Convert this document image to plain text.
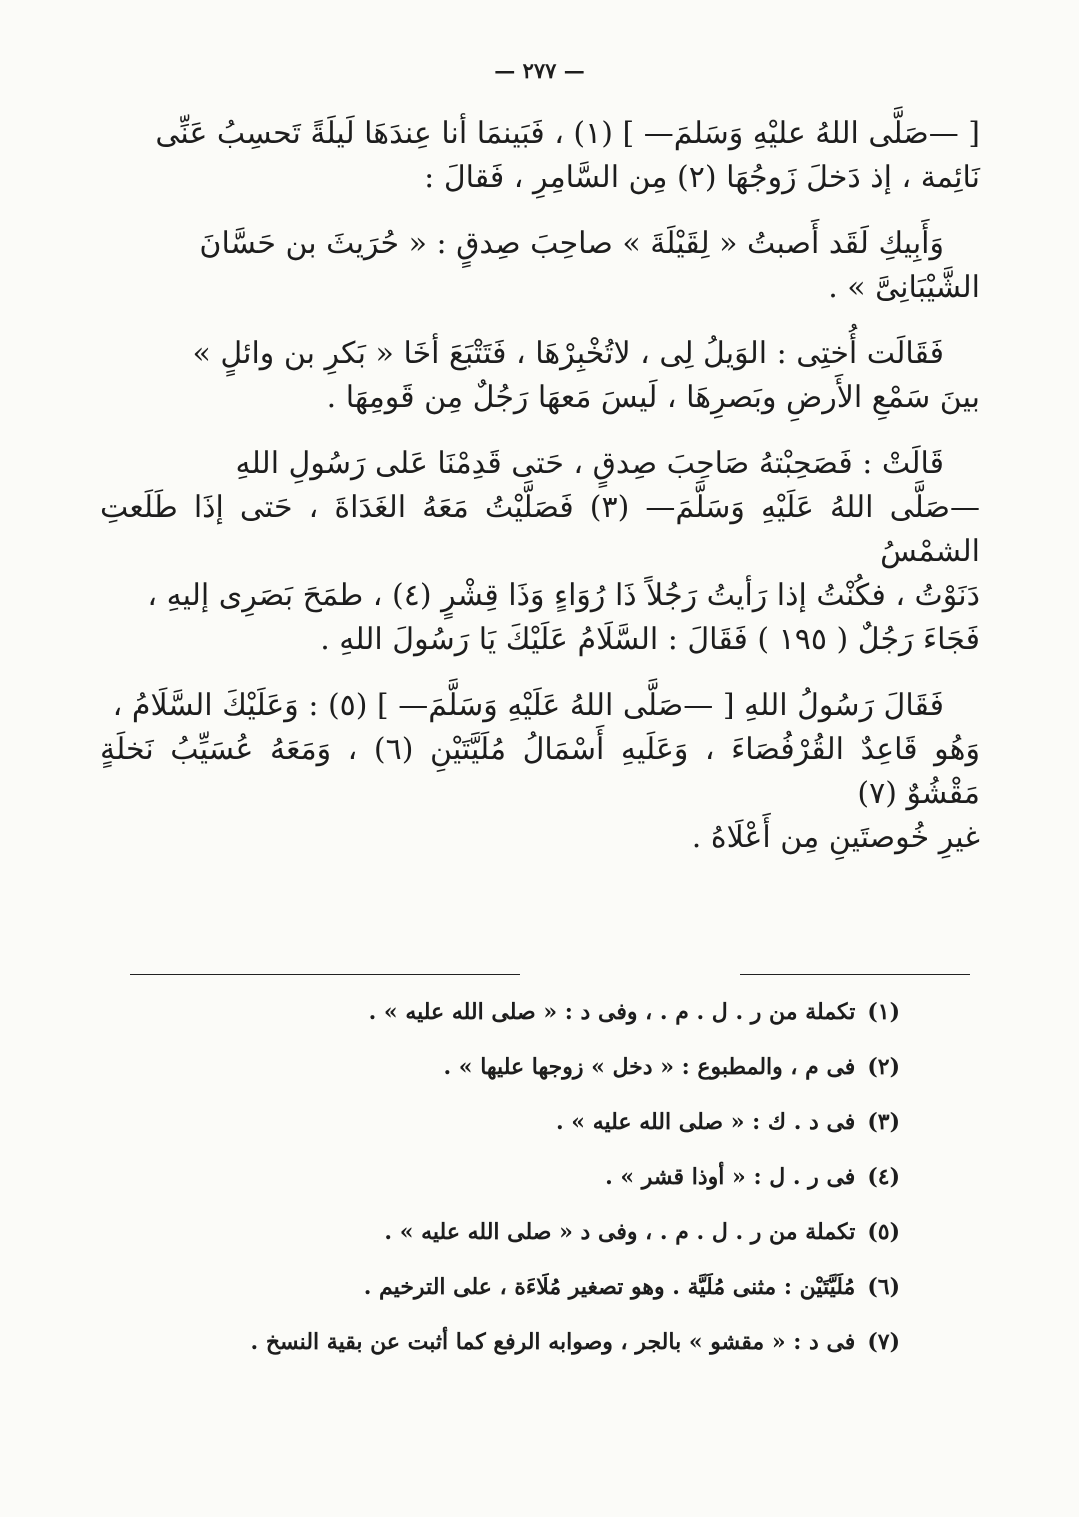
— ٢٧٧ —

[ —صَلَّى اللهُ عليْهِ وَسَلمَ— ] (١) ، فَبَينمَا أنا عِندَهَا لَيلَةً تَحسِبُ عَنِّى

نَائِمة ، إذ دَخلَ زَوجُهَا (٢) مِن السَّامِرِ ، فَقالَ :

وَأَبِيكِ لَقَد أَصبتُ « لِقَيْلَةَ » صاحِبَ صِدقٍ : « حُرَيثَ بن حَسَّانَ

الشَّيْبَانِىَّ » .

فَقَالَت أُختِى : الوَيلُ لِى ، لاتُخْبِرْهَا ، فَتَتْبَعَ أخَا « بَكرِ بن وائلٍ »

بينَ سَمْعِ الأَرضِ وبَصرِهَا ، لَيسَ مَعهَا رَجُلٌ مِن قَومِهَا .

قَالَتْ : فَصَحِبْتهُ صَاحِبَ صِدقٍ ، حَتى قَدِمْنَا عَلى رَسُولِ اللهِ

—صَلَّى اللهُ عَلَيْهِ وَسَلَّمَ— (٣) فَصَلَّيْتُ مَعَهُ الغَدَاةَ ، حَتى إذَا طَلَعتِ الشمْسُ

دَنَوْتُ ، فكُنْتُ إذا رَأيتُ رَجُلاً ذَا رُوَاءٍ وَذَا قِشْرٍ (٤) ، طمَحَ بَصَرِى إليهِ ،

فَجَاءَ رَجُلٌ ( ١٩٥ ) فَقَالَ : السَّلَامُ عَلَيْكَ يَا رَسُولَ اللهِ .

فَقَالَ رَسُولُ اللهِ [ —صَلَّى اللهُ عَلَيْهِ وَسَلَّمَ— ] (٥) : وَعَلَيْكَ السَّلَامُ ،

وَهُو قَاعِدٌ القُرْفُصَاءَ ، وَعَلَيهِ أَسْمَالُ مُلَيَّتَيْنِ (٦) ، وَمَعَهُ عُسَيِّبُ نَخلَةٍ مَقْشُوٌ (٧)

غيرِ خُوصتَينِ مِن أَعْلَاهُ .

(١)
تكملة من ر . ل . م . ، وفى د : « صلى الله عليه » .
(٢)
فى م ، والمطبوع : « دخل » زوجها عليها » .
(٣)
فى د . ك : « صلى الله عليه » .
(٤)
فى ر . ل : « أوذا قشر » .
(٥)
تكملة من ر . ل . م . ، وفى د « صلى الله عليه » .
(٦)
مُلَيَّتَيْن : مثنى مُلَيَّة . وهو تصغير مُلَاءَة ، على الترخيم .
(٧)
فى د : « مقشو » بالجر ، وصوابه الرفع كما أثبت عن بقية النسخ .
